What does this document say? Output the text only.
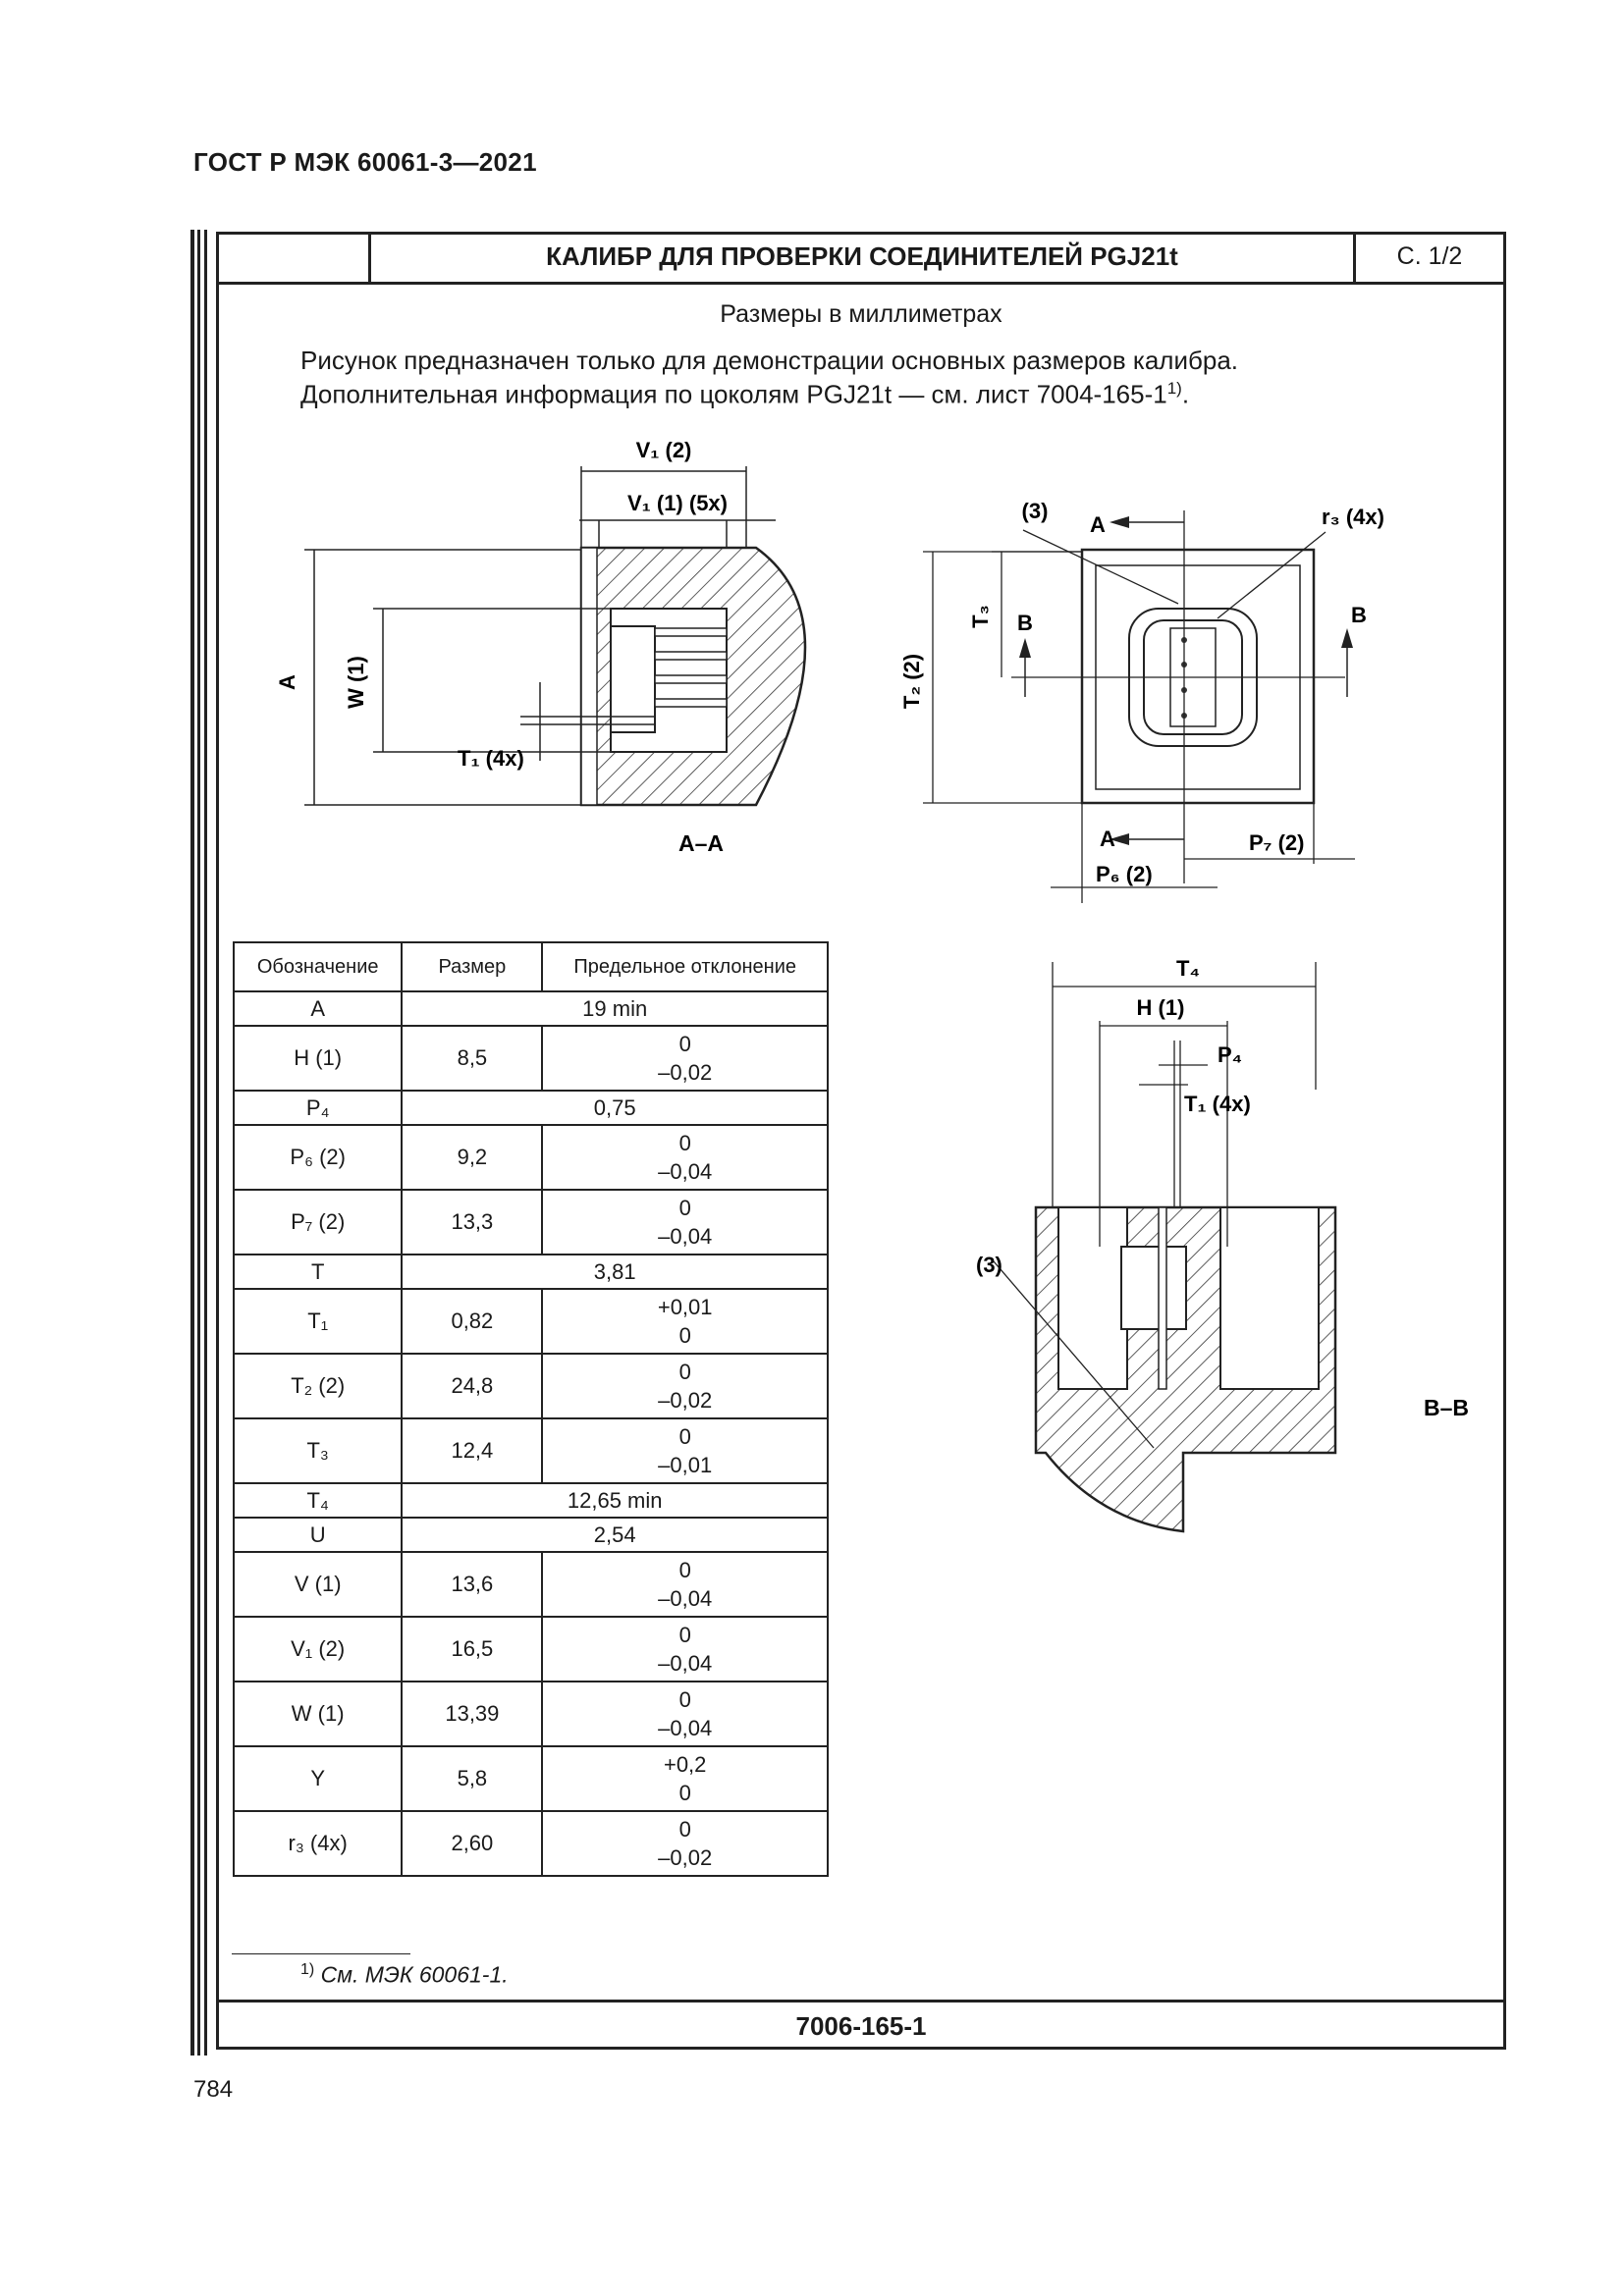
ГОСТ Р МЭК 60061-3—2021
КАЛИБР ДЛЯ ПРОВЕРКИ СОЕДИНИТЕЛЕЙ PGJ21t	С. 1/2
Размеры в миллиметрах
Рисунок предназначен только для демонстрации основных размеров калибра.
Дополнительная информация по цоколям PGJ21t — см. лист 7004-165-1$^{1)}$.
V₁ (2)
V₁ (1) (5x)
A W (1)
T₁ (4x)
A–A
(3)
A	r₃ (4x)
B	B
T₃
T₂ (2)
A	P₇ (2)
P₆ (2)
Обозначение	Размер	Предельное отклонение
A	19 min	
H (1)	8,5	0
–0,02

P₄	0,75	
P₆ (2)	9,2	0
–0,04

P₇ (2)	13,3	0
–0,04

T	3,81	
T₁	0,82	+0,01
0

T₂ (2)	24,8	0
–0,02

T₃	12,4	0
–0,01

T₄	12,65 min	
U	2,54	
V (1)	13,6	0
–0,04

V₁ (2)	16,5	0
–0,04

W (1)	13,39	0
–0,04

Y	5,8	+0,2
0

r₃ (4x)	2,60	0
–0,02
T₄
H (1)
P₄
T₁ (4x)
(3)
B–B
$^{1)}$ См. МЭК 60061-1.
7006-165-1
784
